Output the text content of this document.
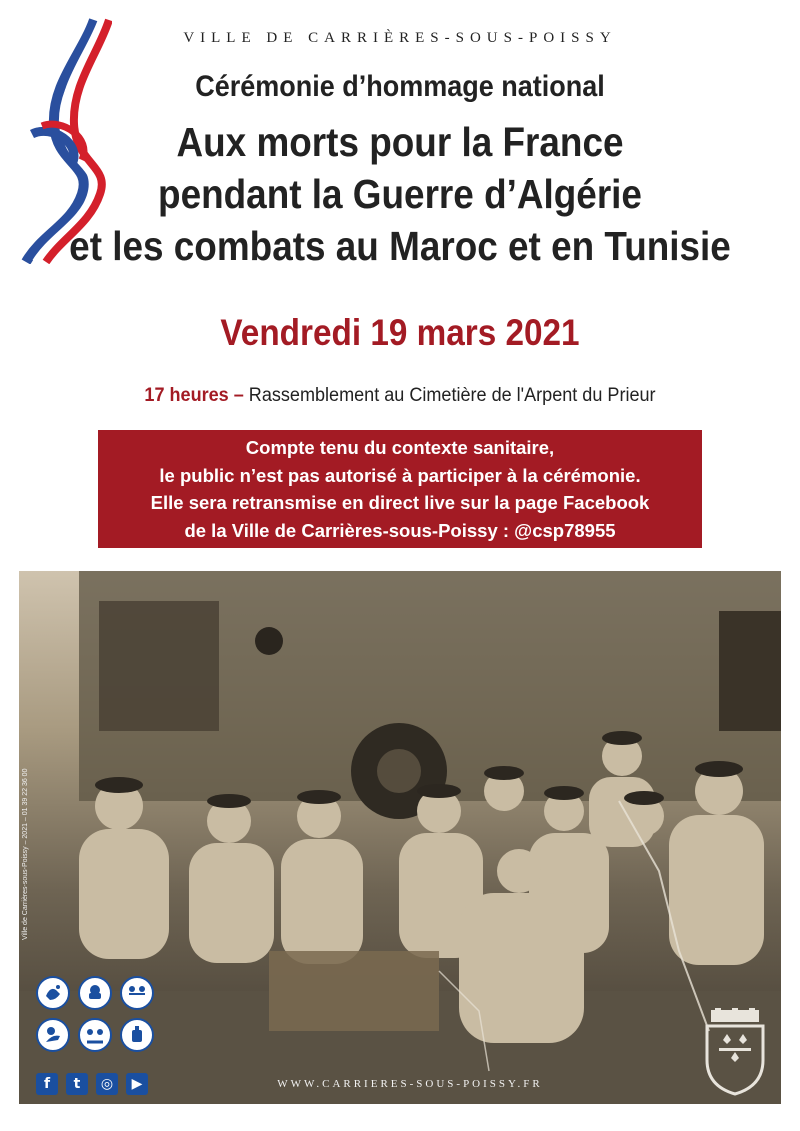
VILLE DE CARRIÈRES-SOUS-POISSY
Cérémonie d’hommage national
Aux morts pour la France
pendant la Guerre d’Algérie
et les combats au Maroc et en Tunisie
Vendredi 19 mars 2021
17 heures – Rassemblement au Cimetière de l'Arpent du Prieur
Compte tenu du contexte sanitaire,
le public n’est pas autorisé à participer à la cérémonie.
Elle sera retransmise en direct live sur la page Facebook
de la Ville de Carrières-sous-Poissy : @csp78955
Ville de Carrières-sous-Poissy – 2021 – 01 39 22 36 00
f	t	◎	▶	WWW.CARRIERES-SOUS-POISSY.FR
